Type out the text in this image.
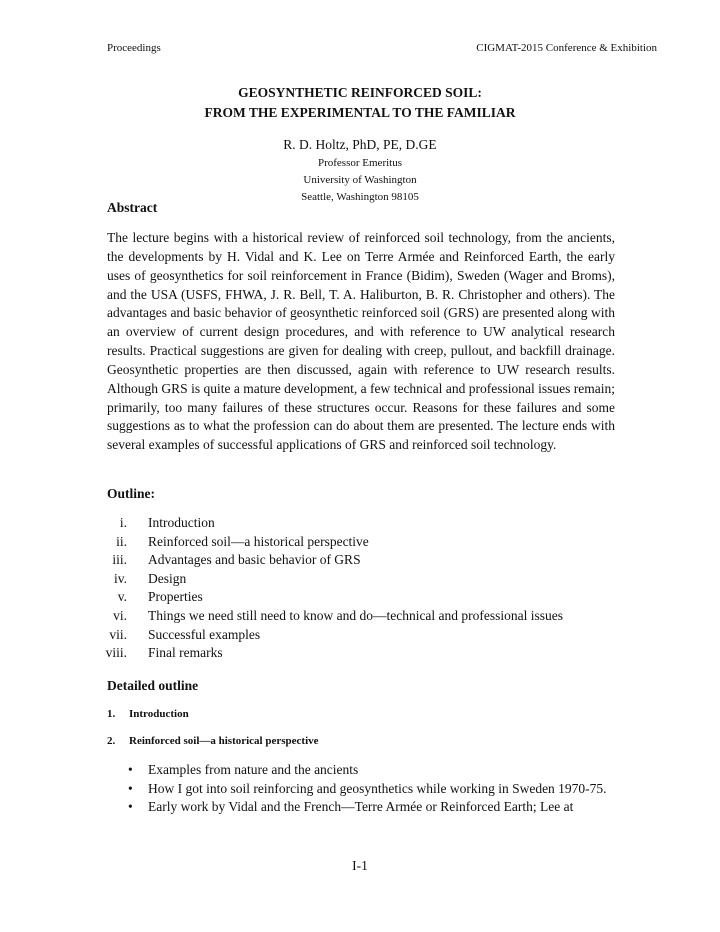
Proceedings	CIGMAT-2015 Conference & Exhibition
GEOSYNTHETIC REINFORCED SOIL:
FROM THE EXPERIMENTAL TO THE FAMILIAR
R. D. Holtz, PhD, PE, D.GE
Professor Emeritus
University of Washington
Seattle, Washington 98105
Abstract

The lecture begins with a historical review of reinforced soil technology, from the ancients, the developments by H. Vidal and K. Lee on Terre Armée and Reinforced Earth, the early uses of geosynthetics for soil reinforcement in France (Bidim), Sweden (Wager and Broms), and the USA (USFS, FHWA, J. R. Bell, T. A. Haliburton, B. R. Christopher and others). The advantages and basic behavior of geosynthetic reinforced soil (GRS) are presented along with an overview of current design procedures, and with reference to UW analytical research results. Practical suggestions are given for dealing with creep, pullout, and backfill drainage. Geosynthetic properties are then discussed, again with reference to UW research results. Although GRS is quite a mature development, a few technical and professional issues remain; primarily, too many failures of these structures occur. Reasons for these failures and some suggestions as to what the profession can do about them are presented. The lecture ends with several examples of successful applications of GRS and reinforced soil technology.

Outline:
i. Introduction
ii. Reinforced soil—a historical perspective
iii. Advantages and basic behavior of GRS
iv. Design
v. Properties
vi. Things we need still need to know and do—technical and professional issues
vii. Successful examples
viii. Final remarks
Detailed outline
1. Introduction
2. Reinforced soil—a historical perspective
• Examples from nature and the ancients
• How I got into soil reinforcing and geosynthetics while working in Sweden 1970-75.
• Early work by Vidal and the French—Terre Armée or Reinforced Earth; Lee at
I-1
